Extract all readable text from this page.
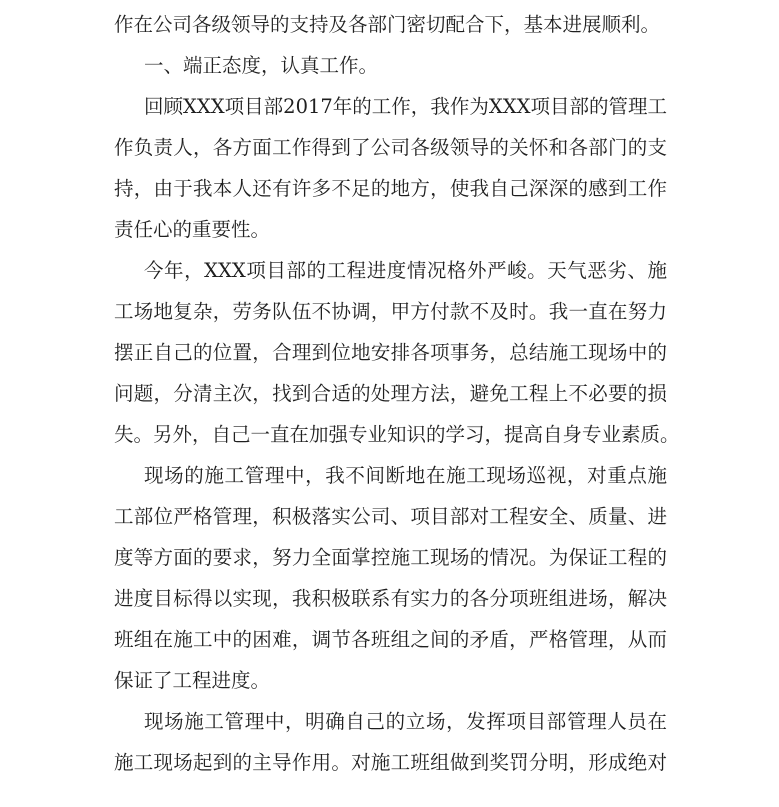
作在公司各级领导的支持及各部门密切配合下，基本进展顺利。

一、端正态度，认真工作。

回顾XXX项目部2017年的工作，我作为XXX项目部的管理工

作负责人，各方面工作得到了公司各级领导的关怀和各部门的支

持，由于我本人还有许多不足的地方，使我自己深深的感到工作

责任心的重要性。

今年，XXX项目部的工程进度情况格外严峻。天气恶劣、施

工场地复杂，劳务队伍不协调，甲方付款不及时。我一直在努力

摆正自己的位置，合理到位地安排各项事务，总结施工现场中的

问题，分清主次，找到合适的处理方法，避免工程上不必要的损

失。另外，自己一直在加强专业知识的学习，提高自身专业素质。

现场的施工管理中，我不间断地在施工现场巡视，对重点施

工部位严格管理，积极落实公司、项目部对工程安全、质量、进

度等方面的要求，努力全面掌控施工现场的情况。为保证工程的

进度目标得以实现，我积极联系有实力的各分项班组进场，解决

班组在施工中的困难，调节各班组之间的矛盾，严格管理，从而

保证了工程进度。

现场施工管理中，明确自己的立场，发挥项目部管理人员在

施工现场起到的主导作用。对施工班组做到奖罚分明，形成绝对
